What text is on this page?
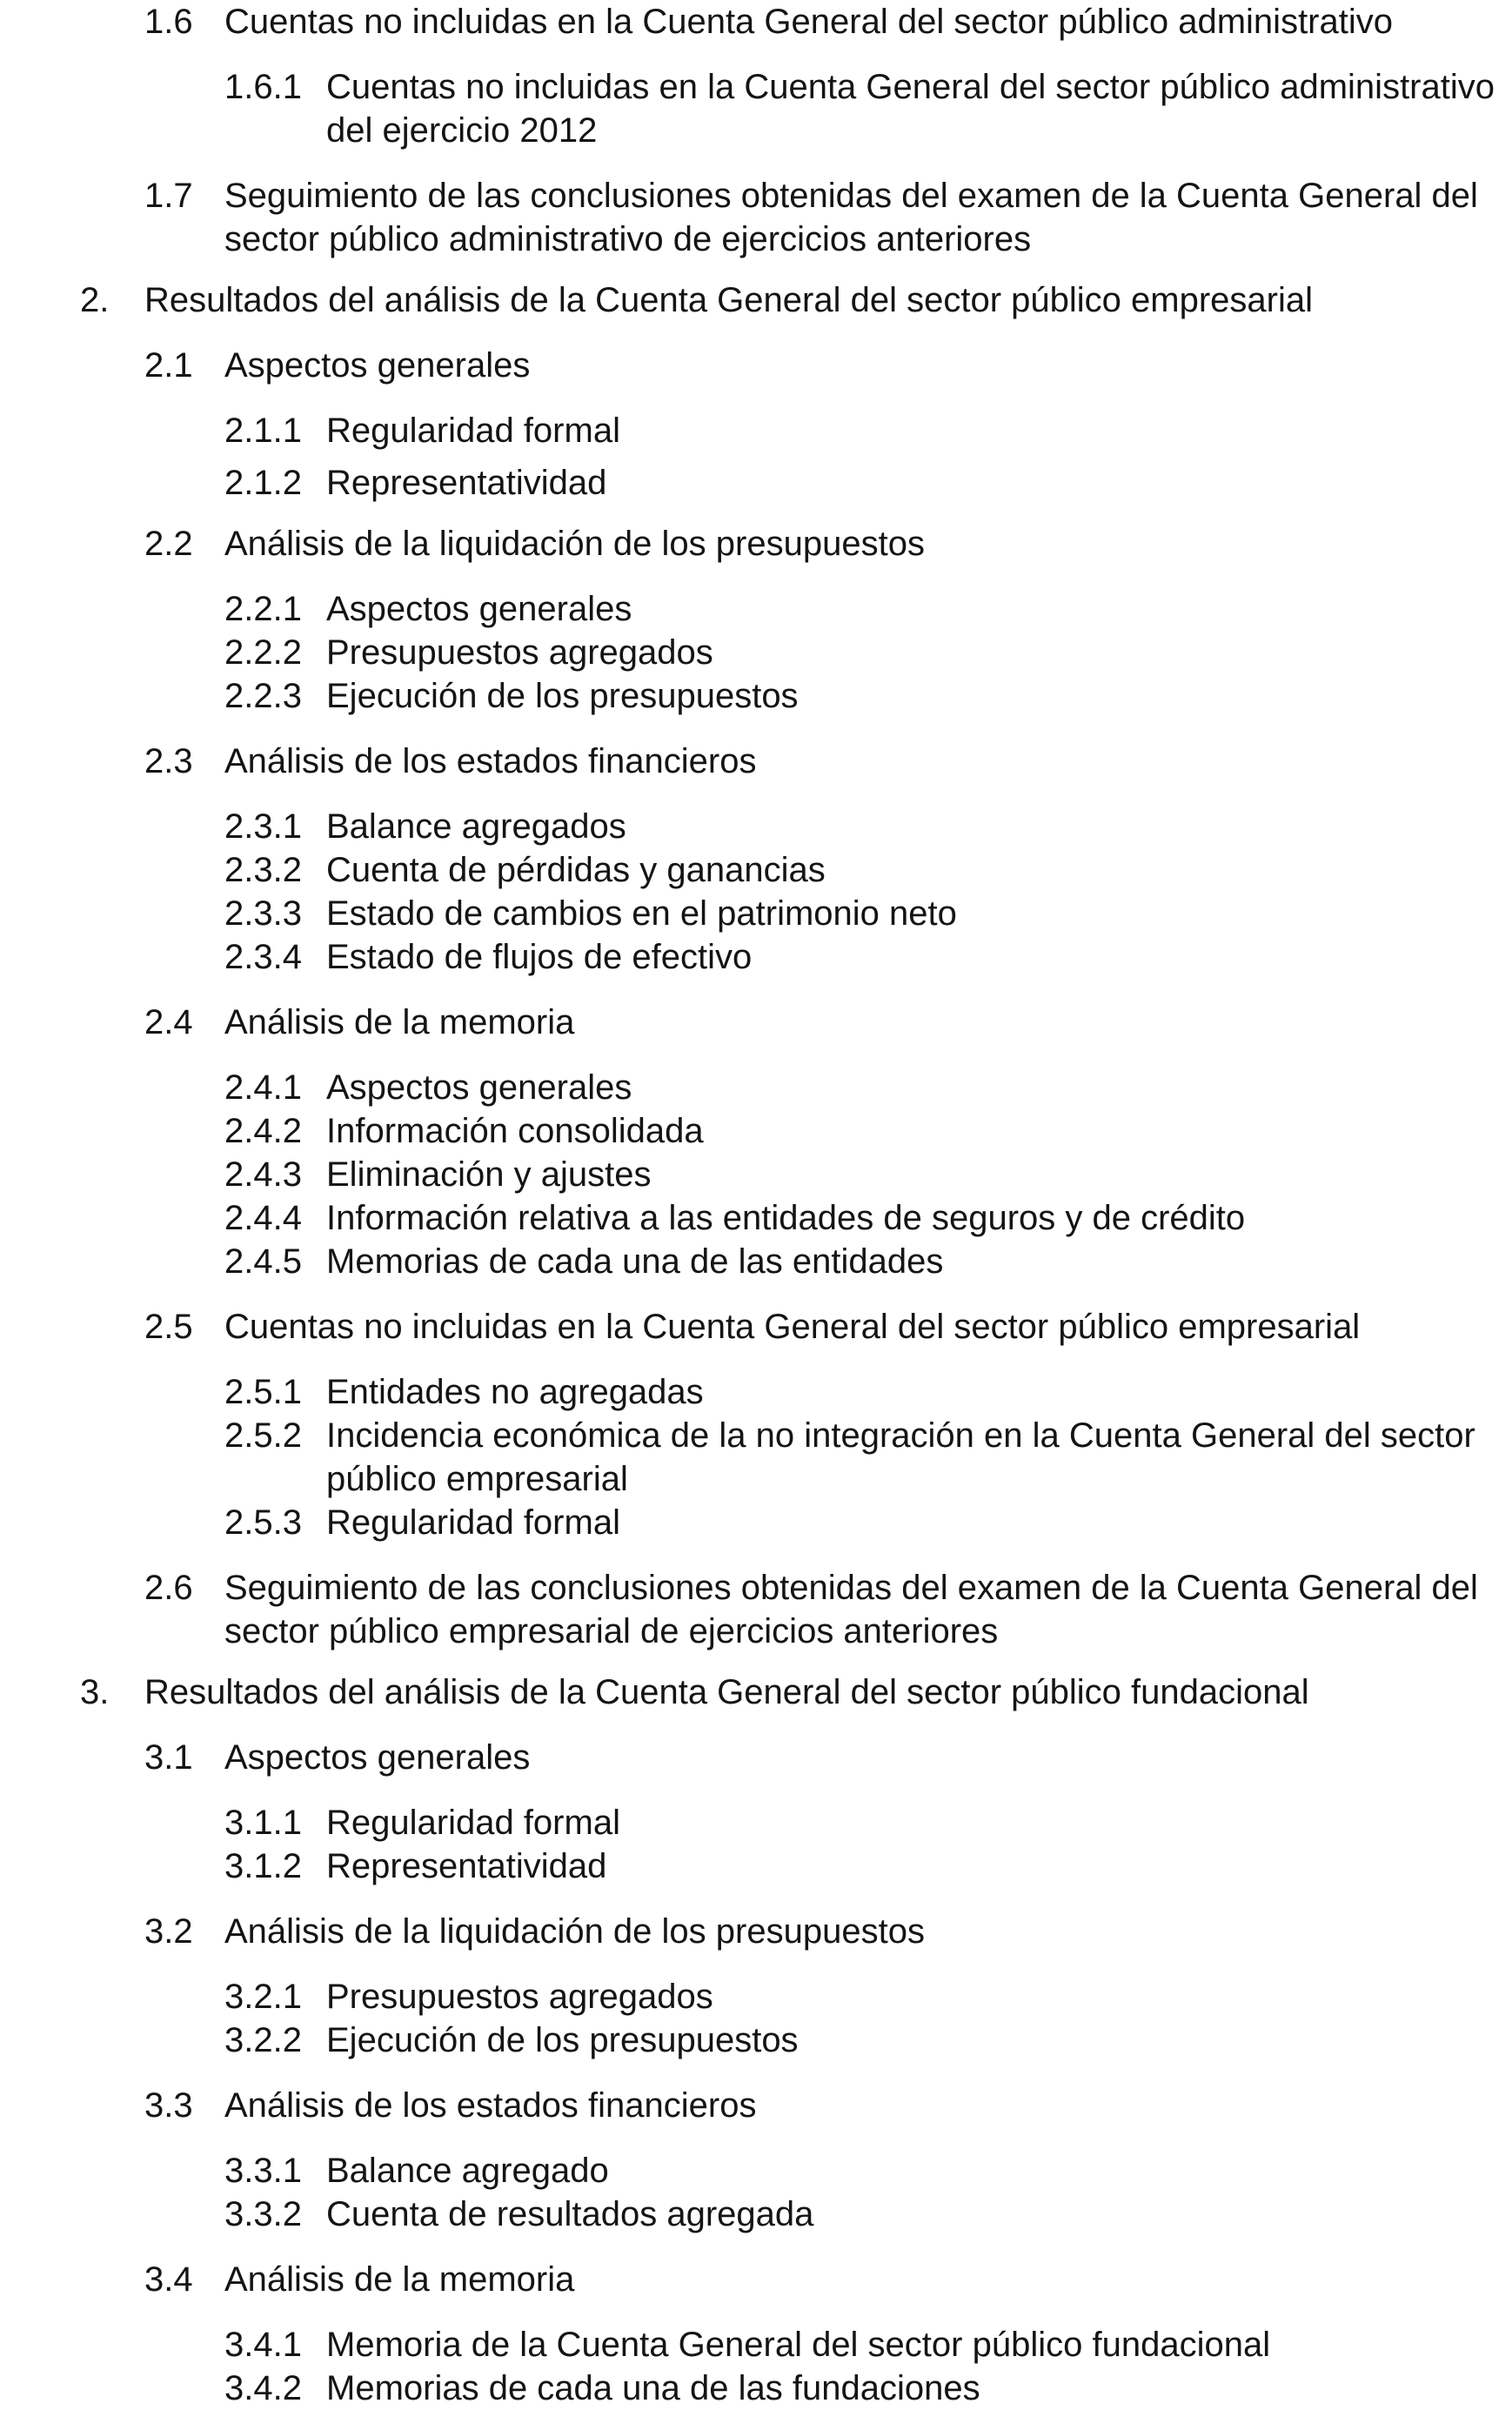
1.6 Cuentas no incluidas en la Cuenta General del sector público administrativo
1.6.1 Cuentas no incluidas en la Cuenta General del sector público administrativo del ejercicio 2012
1.7 Seguimiento de las conclusiones obtenidas del examen de la Cuenta General del sector público administrativo de ejercicios anteriores
2. Resultados del análisis de la Cuenta General del sector público empresarial
2.1 Aspectos generales
2.1.1 Regularidad formal
2.1.2 Representatividad
2.2 Análisis de la liquidación de los presupuestos
2.2.1 Aspectos generales
2.2.2 Presupuestos agregados
2.2.3 Ejecución de los presupuestos
2.3 Análisis de los estados financieros
2.3.1 Balance agregados
2.3.2 Cuenta de pérdidas y ganancias
2.3.3 Estado de cambios en el patrimonio neto
2.3.4 Estado de flujos de efectivo
2.4 Análisis de la memoria
2.4.1 Aspectos generales
2.4.2 Información consolidada
2.4.3 Eliminación y ajustes
2.4.4 Información relativa a las entidades de seguros y de crédito
2.4.5 Memorias de cada una de las entidades
2.5 Cuentas no incluidas en la Cuenta General del sector público empresarial
2.5.1 Entidades no agregadas
2.5.2 Incidencia económica de la no integración en la Cuenta General del sector público empresarial
2.5.3 Regularidad formal
2.6 Seguimiento de las conclusiones obtenidas del examen de la Cuenta General del sector público empresarial de ejercicios anteriores
3. Resultados del análisis de la Cuenta General del sector público fundacional
3.1 Aspectos generales
3.1.1 Regularidad formal
3.1.2 Representatividad
3.2 Análisis de la liquidación de los presupuestos
3.2.1 Presupuestos agregados
3.2.2 Ejecución de los presupuestos
3.3 Análisis de los estados financieros
3.3.1 Balance agregado
3.3.2 Cuenta de resultados agregada
3.4 Análisis de la memoria
3.4.1 Memoria de la Cuenta General del sector público fundacional
3.4.2 Memorias de cada una de las fundaciones
